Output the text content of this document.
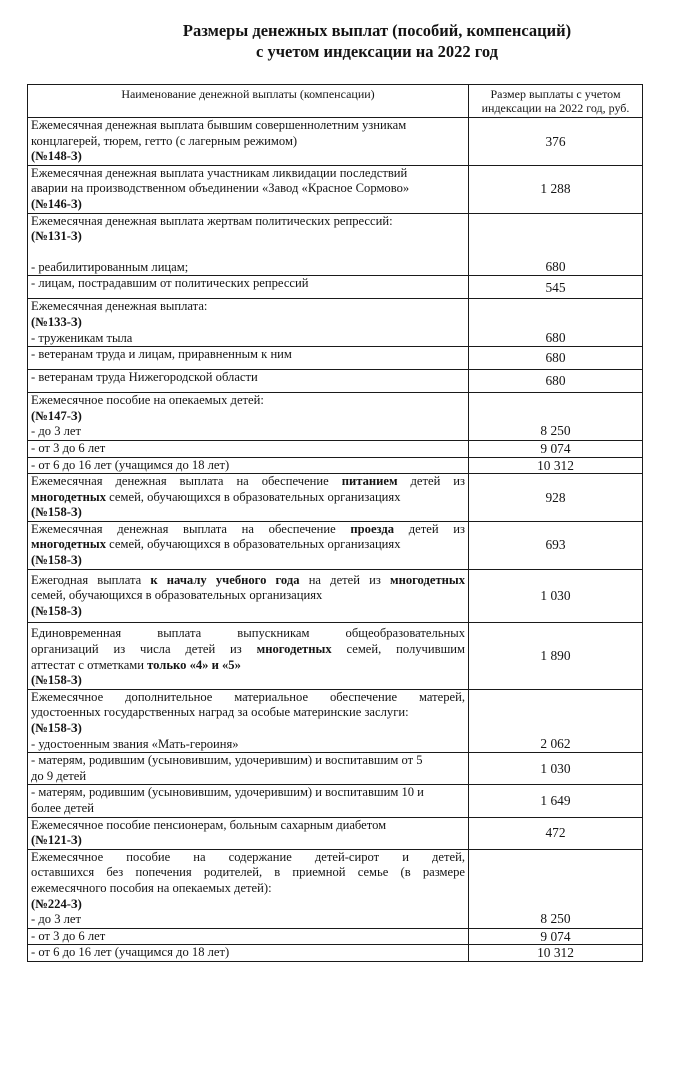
Размеры денежных выплат (пособий, компенсаций)
с учетом индексации на 2022 год
Наименование денежной выплаты (компенсации)	Размер выплаты с учетом
индексации на 2022 год, руб.

Ежемесячная денежная выплата бывшим совершеннолетним узникам
концлагерей, тюрем, гетто (с лагерным режимом)
(№148-З)	376

Ежемесячная денежная выплата участникам ликвидации последствий
аварии на производственном объединении «Завод «Красное Сормово»
(№146-З)	1 288

Ежемесячная денежная выплата жертвам политических репрессий:
(№131-З)
- реабилитированным лицам;	680
- лицам, пострадавшим от политических репрессий	545

Ежемесячная денежная выплата:
(№133-З)
- труженикам тыла	680
- ветеранам труда и лицам, приравненным к ним	680
- ветеранам труда Нижегородской области	680

Ежемесячное пособие на опекаемых детей:
(№147-З)
- до 3 лет	8 250
- от 3 до 6 лет	9 074
- от 6 до 16 лет (учащимся до 18 лет)	10 312

Ежемесячная денежная выплата на обеспечение питанием детей из
многодетных семей, обучающихся в образовательных организациях
(№158-З)	928

Ежемесячная денежная выплата на обеспечение проезда детей из
многодетных семей, обучающихся в образовательных организациях
(№158-З)	693

Ежегодная выплата к началу учебного года на детей из многодетных
семей, обучающихся в образовательных организациях
(№158-З)	1 030

Единовременная выплата выпускникам общеобразовательных
организаций из числа детей из многодетных семей, получившим
аттестат с отметками только «4» и «5»
(№158-З)	1 890

Ежемесячное дополнительное материальное обеспечение матерей,
удостоенных государственных наград за особые материнские заслуги:
(№158-З)
- удостоенным звания «Мать-героиня»	2 062

- матерям, родившим (усыновившим, удочерившим) и воспитавшим от 5
до 9 детей	1 030

- матерям, родившим (усыновившим, удочерившим) и воспитавшим 10 и
более детей	1 649

Ежемесячное пособие пенсионерам, больным сахарным диабетом
(№121-З)	472

Ежемесячное пособие на содержание детей-сирот и детей,
оставшихся без попечения родителей, в приемной семье (в размере
ежемесячного пособия на опекаемых детей):
(№224-З)
- до 3 лет	8 250
- от 3 до 6 лет	9 074
- от 6 до 16 лет (учащимся до 18 лет)	10 312
